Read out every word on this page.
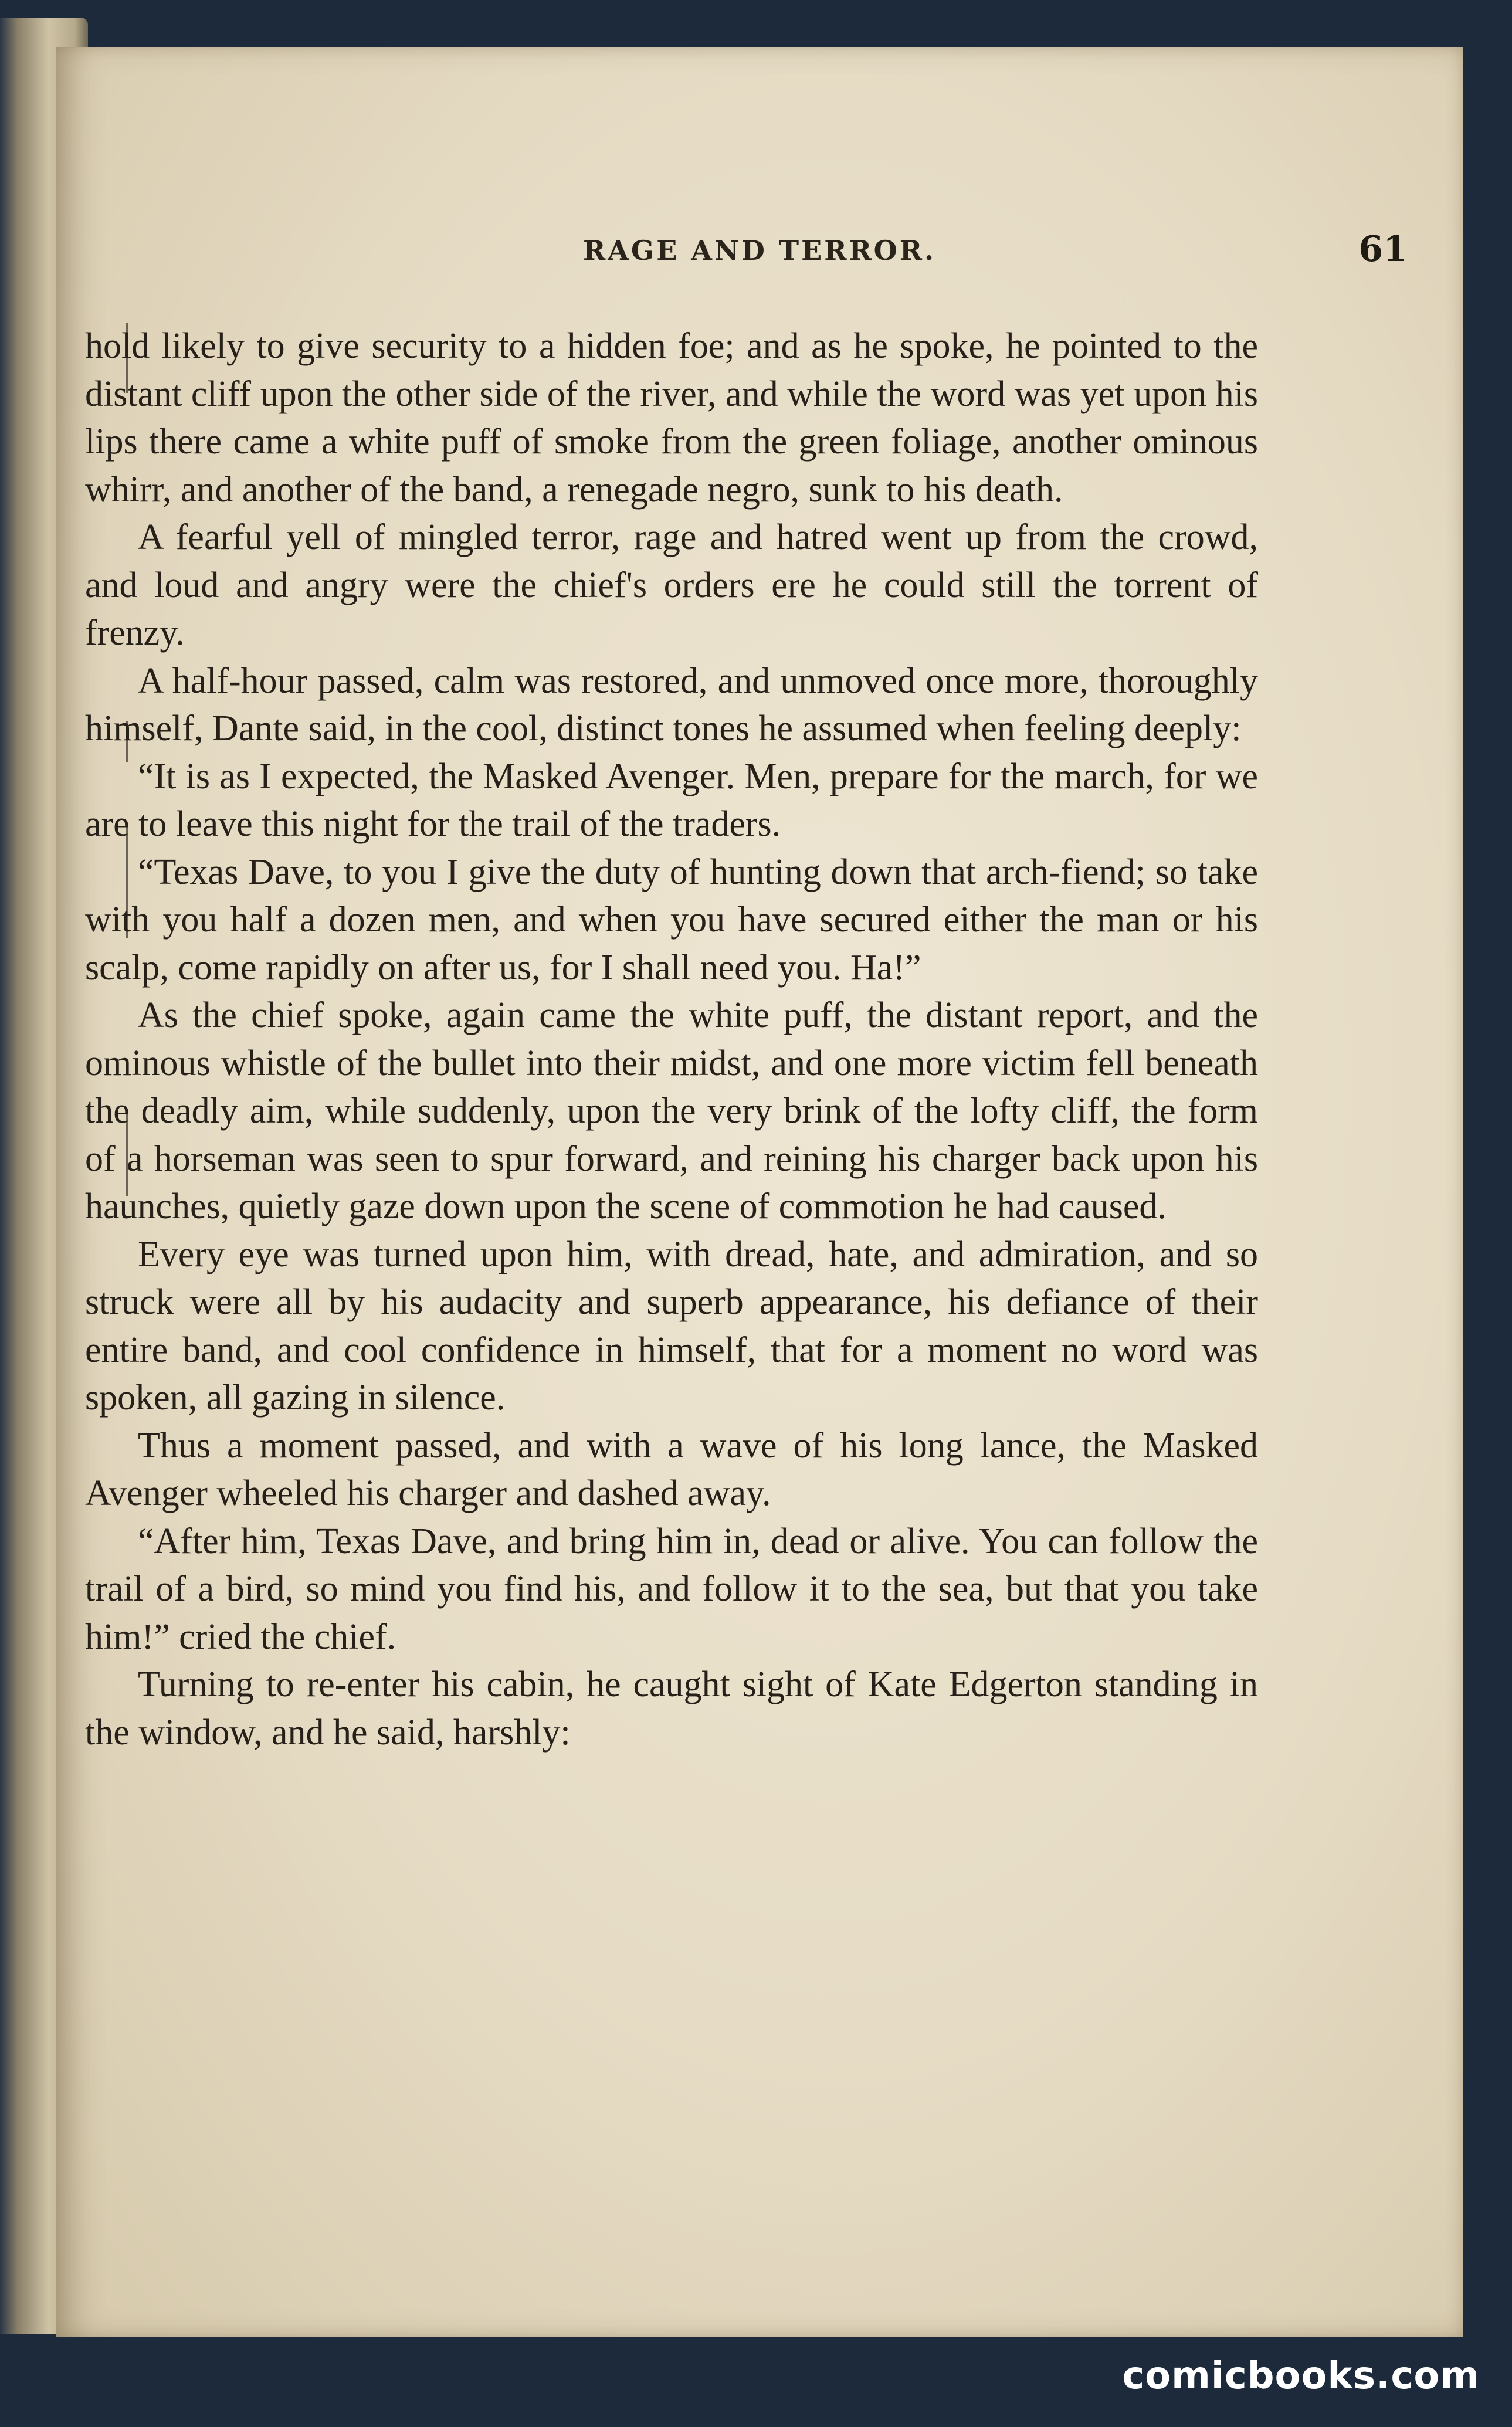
RAGE AND TERROR.	61

hold likely to give security to a hidden foe; and as he spoke, he pointed to the distant cliff upon the other side of the river, and while the word was yet upon his lips there came a white puff of smoke from the green foliage, another ominous whirr, and another of the band, a renegade negro, sunk to his death.

A fearful yell of mingled terror, rage and hatred went up from the crowd, and loud and angry were the chief's orders ere he could still the torrent of frenzy.

A half-hour passed, calm was restored, and unmoved once more, thoroughly himself, Dante said, in the cool, distinct tones he assumed when feeling deeply:

“It is as I expected, the Masked Avenger. Men, prepare for the march, for we are to leave this night for the trail of the traders.

“Texas Dave, to you I give the duty of hunting down that arch-fiend; so take with you half a dozen men, and when you have secured either the man or his scalp, come rapidly on after us, for I shall need you. Ha!”

As the chief spoke, again came the white puff, the distant report, and the ominous whistle of the bullet into their midst, and one more victim fell beneath the deadly aim, while suddenly, upon the very brink of the lofty cliff, the form of a horseman was seen to spur forward, and reining his charger back upon his haunches, quietly gaze down upon the scene of commotion he had caused.

Every eye was turned upon him, with dread, hate, and admiration, and so struck were all by his audacity and superb appearance, his defiance of their entire band, and cool confidence in himself, that for a moment no word was spoken, all gazing in silence.

Thus a moment passed, and with a wave of his long lance, the Masked Avenger wheeled his charger and dashed away.

“After him, Texas Dave, and bring him in, dead or alive. You can follow the trail of a bird, so mind you find his, and follow it to the sea, but that you take him!” cried the chief.

Turning to re-enter his cabin, he caught sight of Kate Edgerton standing in the window, and he said, harshly:

comicbooks.com
